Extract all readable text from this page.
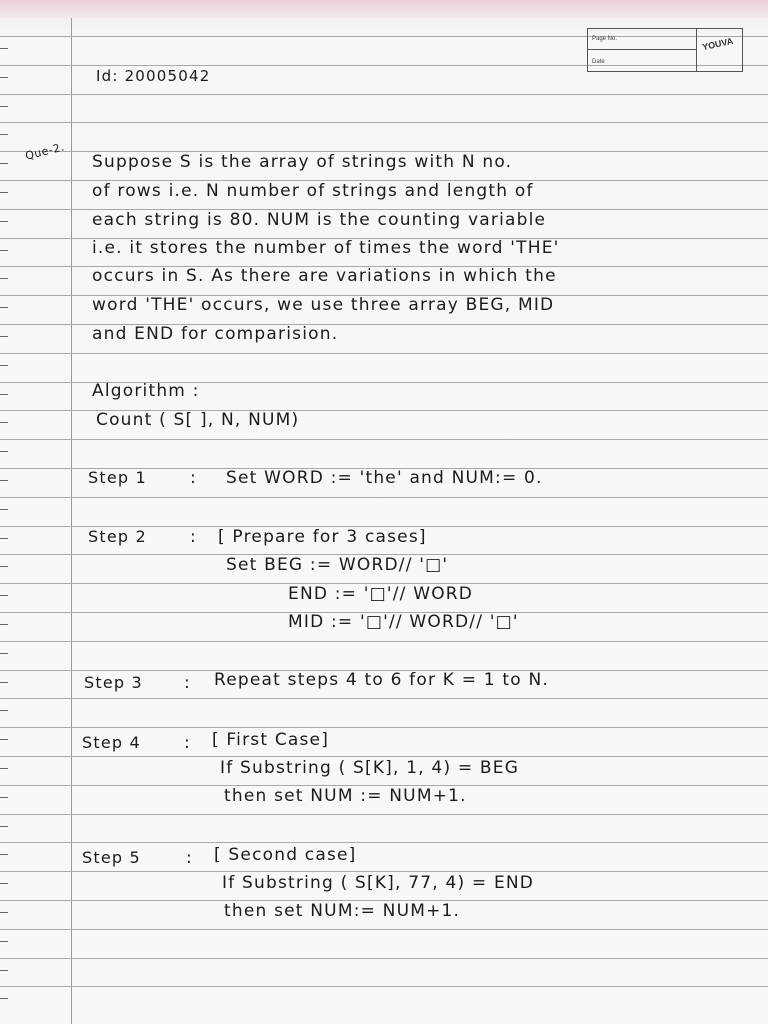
Page No.
Date
YOUVA
Id: 20005042
Que-2. Suppose S is the array of strings with N no.
of rows i.e. N number of strings and length of
each string is 80. NUM is the counting variable
i.e. it stores the number of times the word 'THE'
occurs in S. As there are variations in which the
word 'THE' occurs, we use three array BEG, MID
and END for comparision.
Algorithm :
Count ( S[ ], N, NUM)
Step 1	: Set WORD := 'the' and NUM:= 0.
Step 2	: [ Prepare for 3 cases]
Set BEG := WORD// '□'
END := '□'// WORD
MID := '□'// WORD// '□'
Step 3 : Repeat steps 4 to 6 for K = 1 to N.
Step 4	: [ First Case]
If Substring ( S[K], 1, 4) = BEG
then set NUM := NUM+1.
Step 5	: [ Second case]
If Substring ( S[K], 77, 4) = END
then set NUM:= NUM+1.
